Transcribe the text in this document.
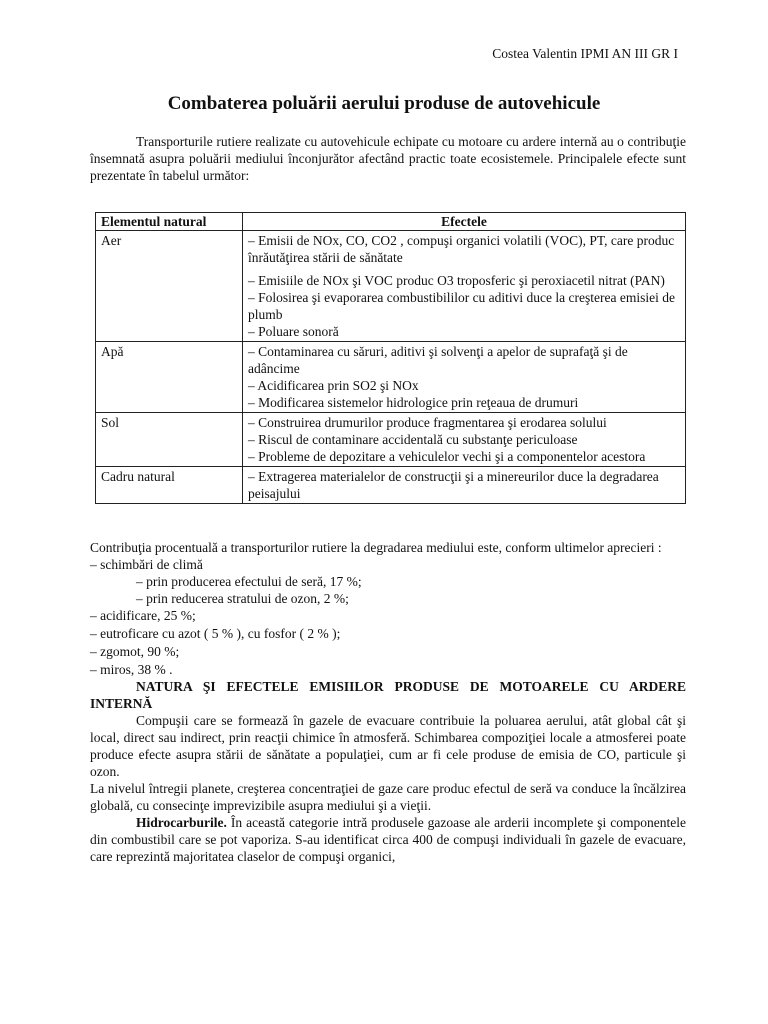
Costea Valentin IPMI AN III GR I
Combaterea poluării aerului produse de autovehicule

Transporturile rutiere realizate cu autovehicule echipate cu motoare cu ardere internă au o contribuţie însemnată asupra poluării mediului înconjurător afectând practic toate ecosistemele. Principalele efecte sunt prezentate în tabelul următor:

Elementul natural	Efectele
Aer	– Emisii de NOx, CO, CO2 , compuşi organici volatili (VOC), PT, care produc înrăutăţirea stării de sănătate
– Emisiile de NOx şi VOC produc O3 troposferic şi peroxiacetil nitrat (PAN)
– Folosirea şi evaporarea combustibililor cu aditivi duce la creşterea emisiei de plumb
– Poluare sonoră

Apă	– Contaminarea cu săruri, aditivi şi solvenţi a apelor de suprafaţă şi de adâncime
– Acidificarea prin SO2 şi NOx
– Modificarea sistemelor hidrologice prin reţeaua de drumuri

Sol	– Construirea drumurilor produce fragmentarea şi erodarea solului
– Riscul de contaminare accidentală cu substanţe periculoase
– Probleme de depozitare a vehiculelor vechi şi a componentelor acestora

Cadru natural	– Extragerea materialelor de construcţii şi a minereurilor duce la degradarea peisajului

Contribuţia procentuală a transporturilor rutiere la degradarea mediului este, conform ultimelor aprecieri :

– schimbări de climă
– prin producerea efectului de seră, 17 %;
– prin reducerea stratului de ozon, 2 %;
– acidificare, 25 %;
– eutroficare cu azot ( 5 % ), cu fosfor ( 2 % );
– zgomot, 90 %;
– miros, 38 % .

NATURA ŞI EFECTELE EMISIILOR PRODUSE DE MOTOARELE CU ARDERE INTERNĂ

Compuşii care se formează în gazele de evacuare contribuie la poluarea aerului, atât global cât şi local, direct sau indirect, prin reacţii chimice în atmosferă. Schimbarea compoziţiei locale a atmosferei poate produce efecte asupra stării de sănătate a populaţiei, cum ar fi cele produse de emisia de CO, particule şi ozon.

La nivelul întregii planete, creşterea concentraţiei de gaze care produc efectul de seră va conduce la încălzirea globală, cu consecinţe imprevizibile asupra mediului şi a vieţii.

Hidrocarburile. În această categorie intră produsele gazoase ale arderii incomplete şi componentele din combustibil care se pot vaporiza. S-au identificat circa 400 de compuşi individuali în gazele de evacuare, care reprezintă majoritatea claselor de compuşi organici,
